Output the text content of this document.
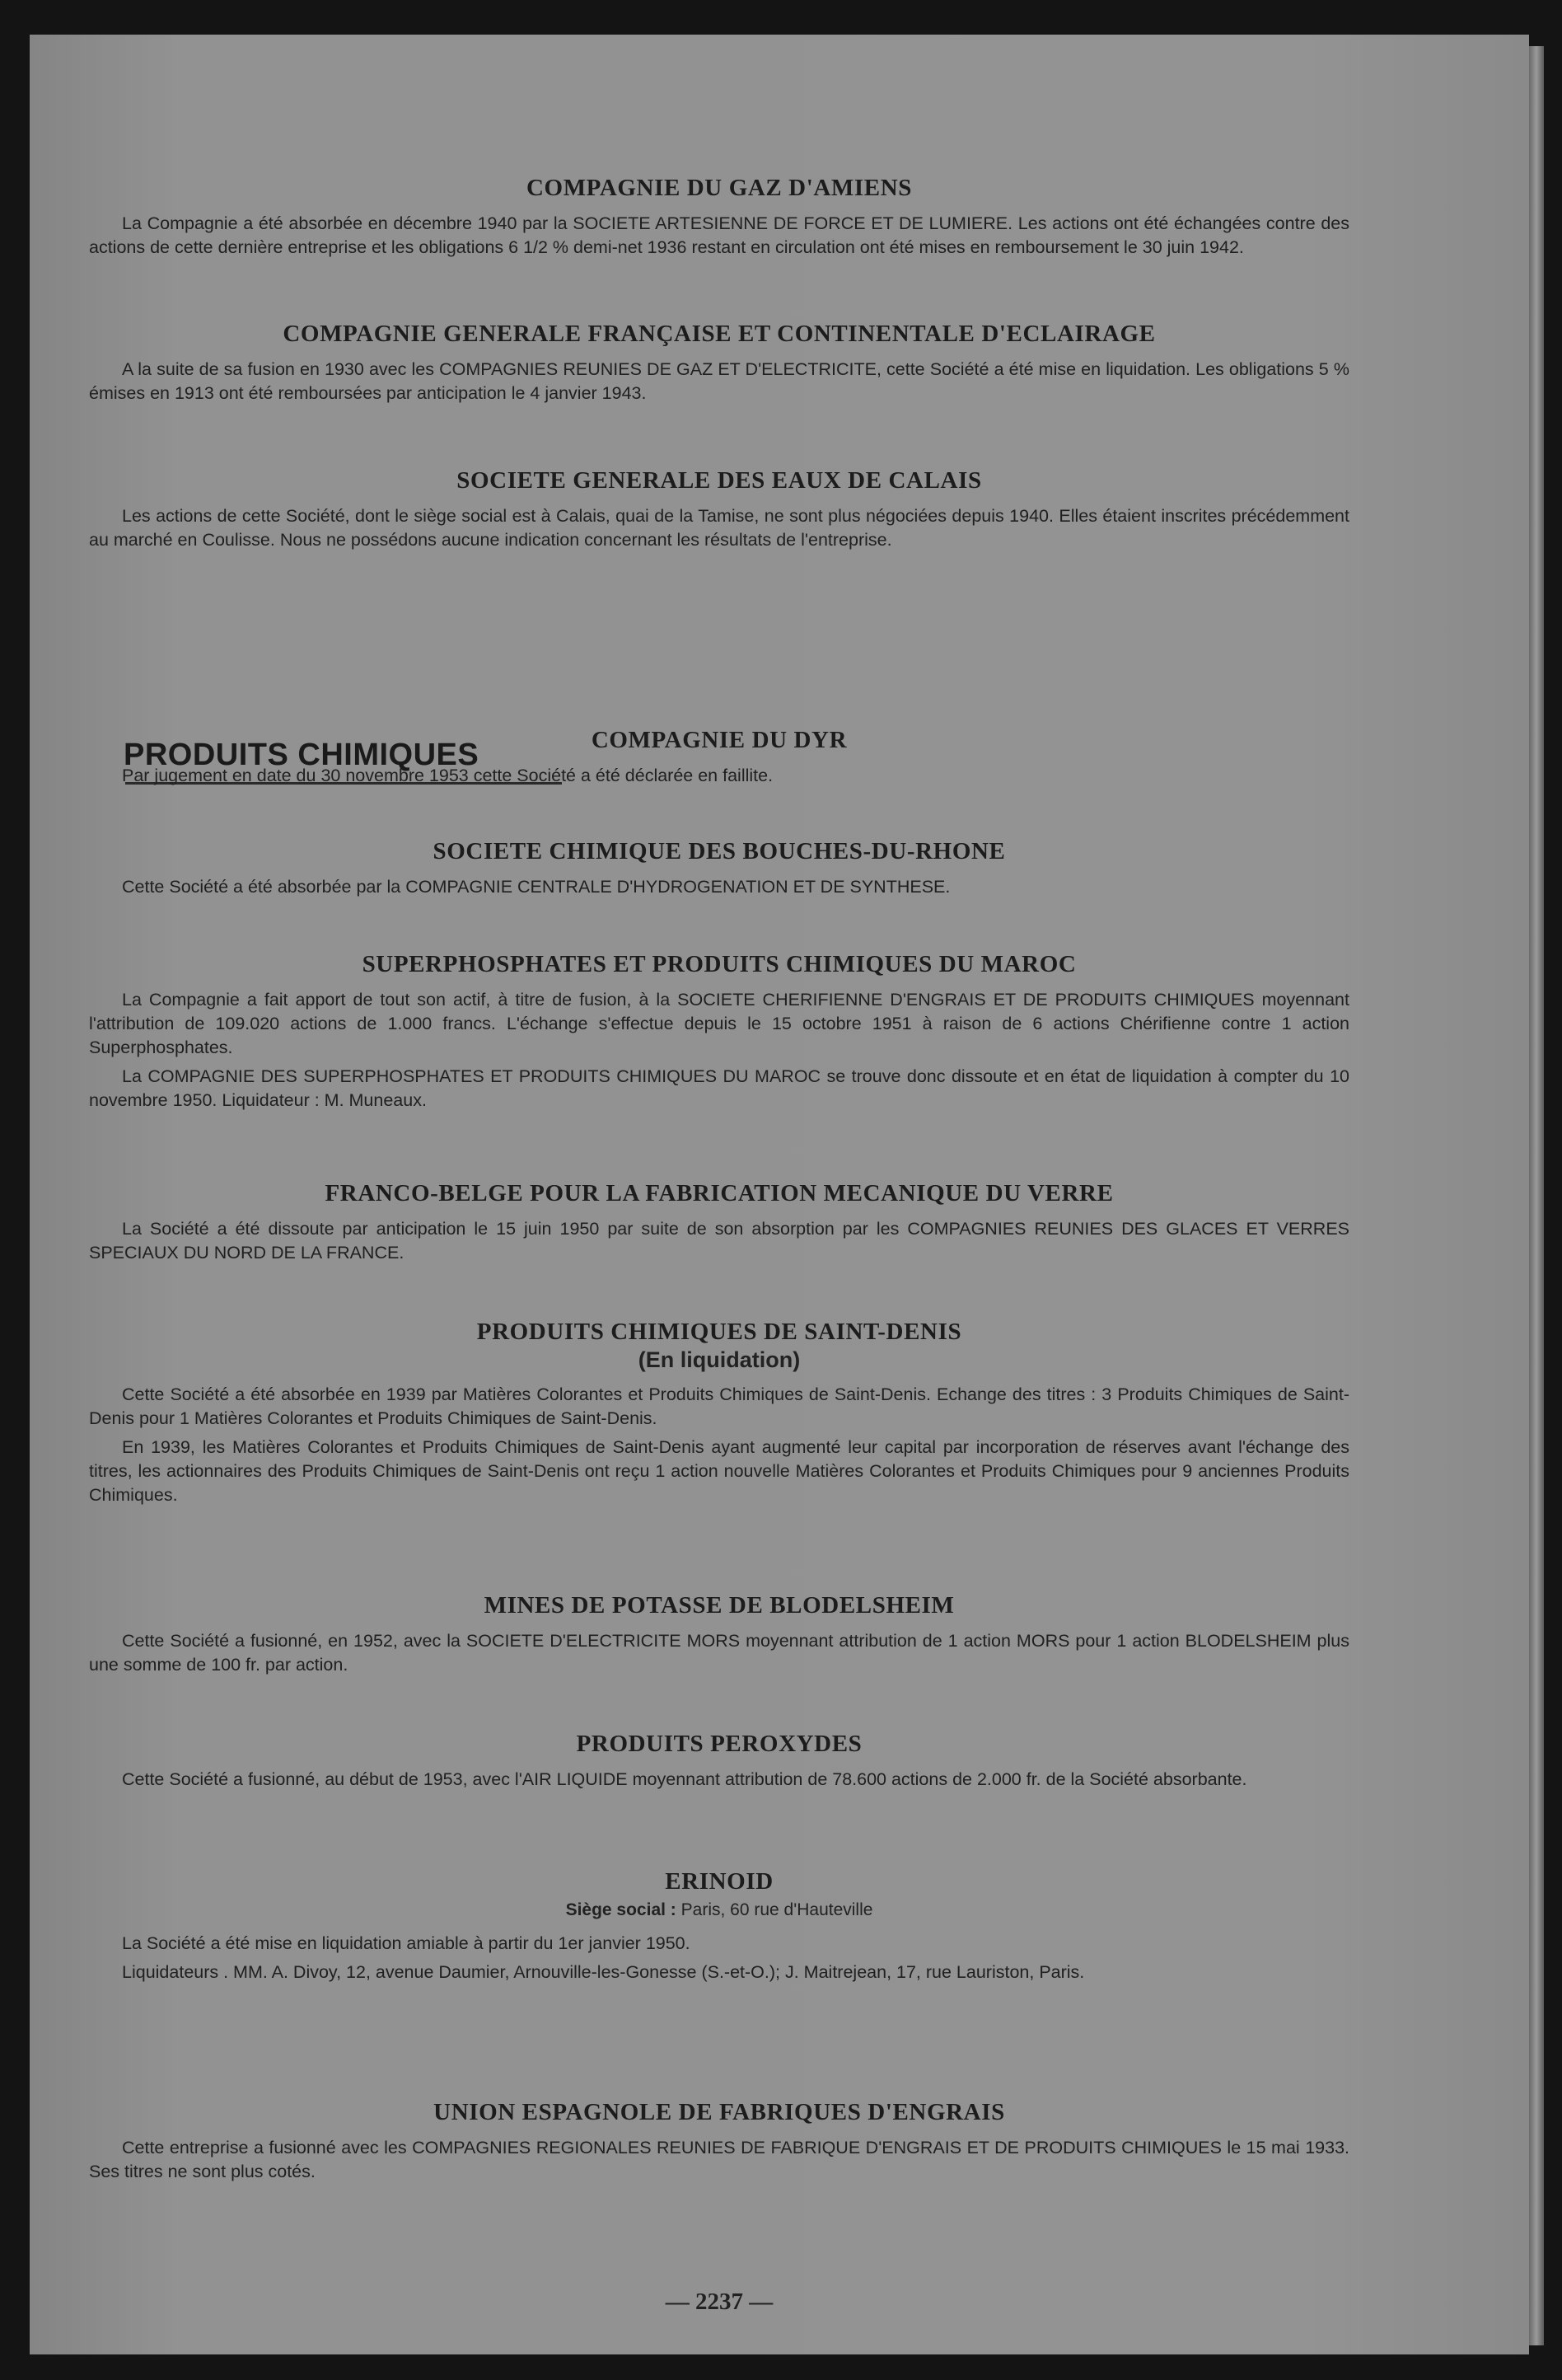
COMPAGNIE DU GAZ D'AMIENS

La Compagnie a été absorbée en décembre 1940 par la SOCIETE ARTESIENNE DE FORCE ET DE LUMIERE. Les actions ont été échangées contre des actions de cette dernière entreprise et les obligations 6 1/2 % demi-net 1936 restant en circulation ont été mises en remboursement le 30 juin 1942.

COMPAGNIE GENERALE FRANÇAISE ET CONTINENTALE D'ECLAIRAGE

A la suite de sa fusion en 1930 avec les COMPAGNIES REUNIES DE GAZ ET D'ELECTRICITE, cette Société a été mise en liquidation. Les obligations 5 % émises en 1913 ont été remboursées par anticipation le 4 janvier 1943.

SOCIETE GENERALE DES EAUX DE CALAIS

Les actions de cette Société, dont le siège social est à Calais, quai de la Tamise, ne sont plus négociées depuis 1940. Elles étaient inscrites précédemment au marché en Coulisse. Nous ne possédons aucune indication concernant les résultats de l'entreprise.

PRODUITS CHIMIQUES	COMPAGNIE DU DYR

Par jugement en date du 30 novembre 1953 cette Société a été déclarée en faillite.

SOCIETE CHIMIQUE DES BOUCHES-DU-RHONE

Cette Société a été absorbée par la COMPAGNIE CENTRALE D'HYDROGENATION ET DE SYNTHESE.

SUPERPHOSPHATES ET PRODUITS CHIMIQUES DU MAROC

La Compagnie a fait apport de tout son actif, à titre de fusion, à la SOCIETE CHERIFIENNE D'ENGRAIS ET DE PRODUITS CHIMIQUES moyennant l'attribution de 109.020 actions de 1.000 francs. L'échange s'effectue depuis le 15 octobre 1951 à raison de 6 actions Chérifienne contre 1 action Superphosphates.

La COMPAGNIE DES SUPERPHOSPHATES ET PRODUITS CHIMIQUES DU MAROC se trouve donc dissoute et en état de liquidation à compter du 10 novembre 1950. Liquidateur : M. Muneaux.

FRANCO-BELGE POUR LA FABRICATION MECANIQUE DU VERRE

La Société a été dissoute par anticipation le 15 juin 1950 par suite de son absorption par les COMPAGNIES REUNIES DES GLACES ET VERRES SPECIAUX DU NORD DE LA FRANCE.

PRODUITS CHIMIQUES DE SAINT-DENIS
(En liquidation)

Cette Société a été absorbée en 1939 par Matières Colorantes et Produits Chimiques de Saint-Denis. Echange des titres : 3 Produits Chimiques de Saint-Denis pour 1 Matières Colorantes et Produits Chimiques de Saint-Denis.

En 1939, les Matières Colorantes et Produits Chimiques de Saint-Denis ayant augmenté leur capital par incorporation de réserves avant l'échange des titres, les actionnaires des Produits Chimiques de Saint-Denis ont reçu 1 action nouvelle Matières Colorantes et Produits Chimiques pour 9 anciennes Produits Chimiques.

MINES DE POTASSE DE BLODELSHEIM

Cette Société a fusionné, en 1952, avec la SOCIETE D'ELECTRICITE MORS moyennant attribution de 1 action MORS pour 1 action BLODELSHEIM plus une somme de 100 fr. par action.

PRODUITS PEROXYDES

Cette Société a fusionné, au début de 1953, avec l'AIR LIQUIDE moyennant attribution de 78.600 actions de 2.000 fr. de la Société absorbante.

ERINOID
Siège social : Paris, 60 rue d'Hauteville

La Société a été mise en liquidation amiable à partir du 1er janvier 1950.

Liquidateurs . MM. A. Divoy, 12, avenue Daumier, Arnouville-les-Gonesse (S.-et-O.); J. Maitrejean, 17, rue Lauriston, Paris.

UNION ESPAGNOLE DE FABRIQUES D'ENGRAIS

Cette entreprise a fusionné avec les COMPAGNIES REGIONALES REUNIES DE FABRIQUE D'ENGRAIS ET DE PRODUITS CHIMIQUES le 15 mai 1933. Ses titres ne sont plus cotés.

— 2237 —
